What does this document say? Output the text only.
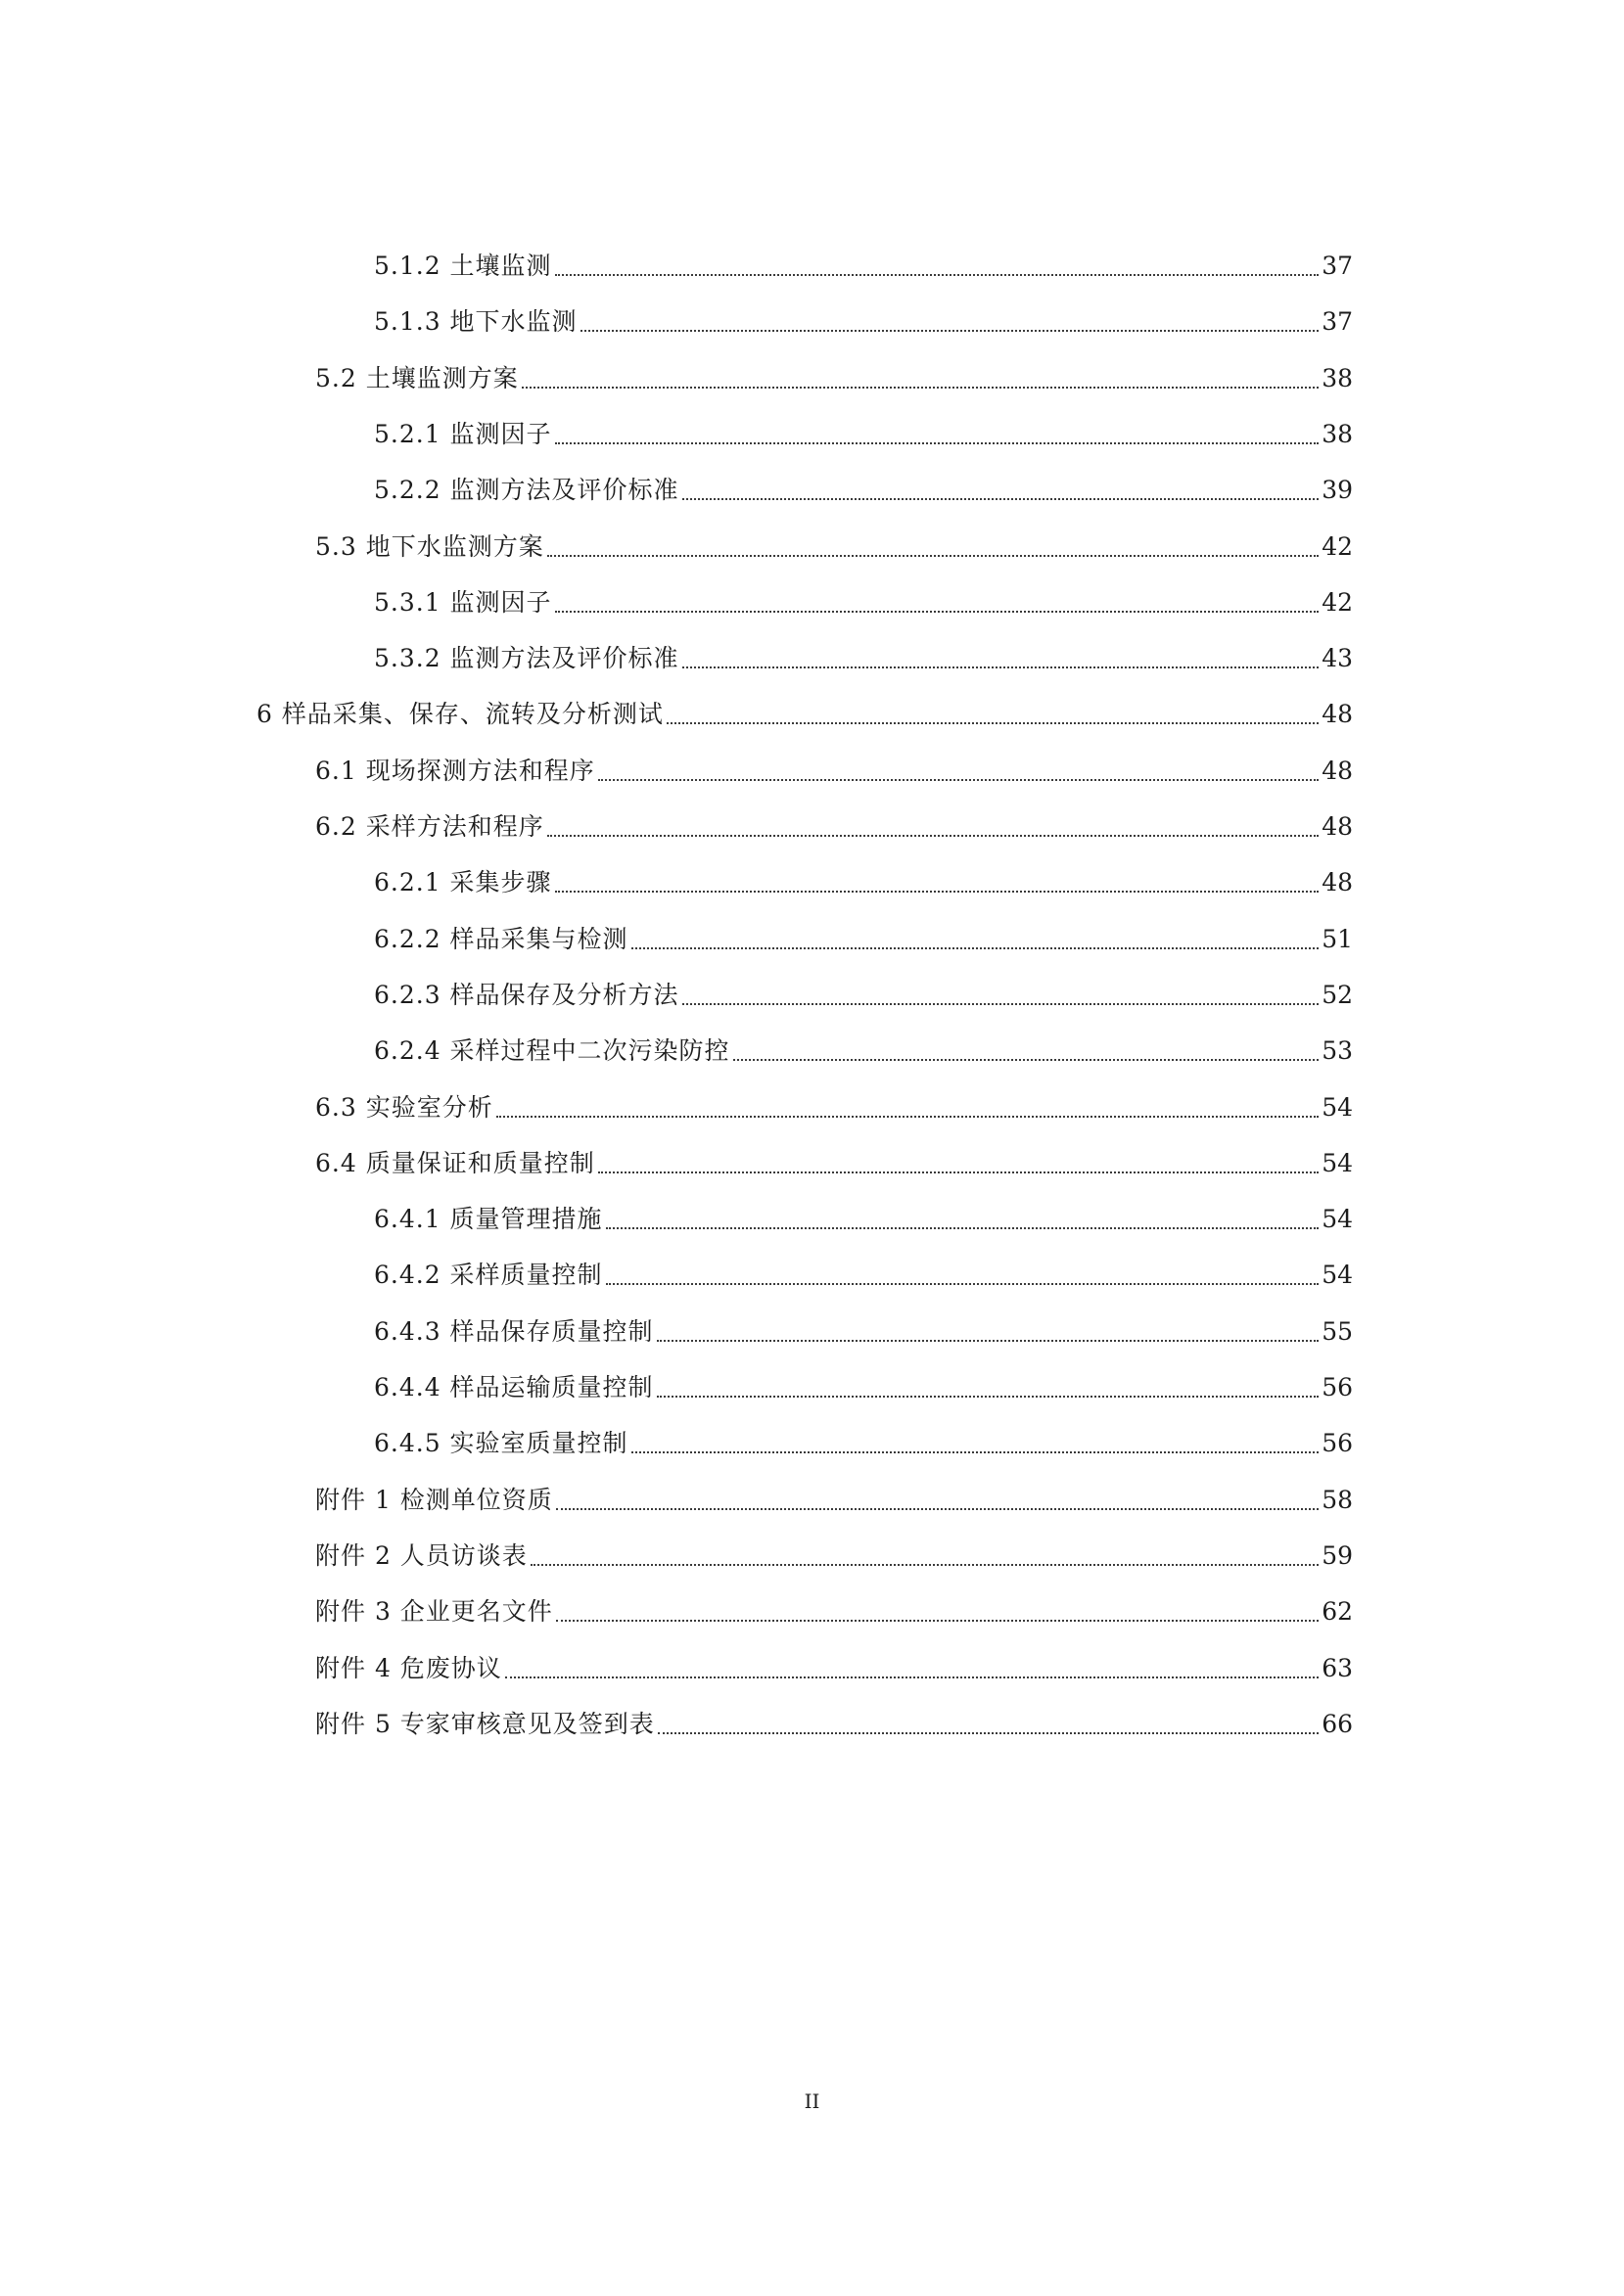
5.1.2 土壤监测	37
5.1.3 地下水监测	37
5.2 土壤监测方案	38
5.2.1 监测因子	38
5.2.2 监测方法及评价标准	39
5.3 地下水监测方案	42
5.3.1 监测因子	42
5.3.2 监测方法及评价标准	43
6 样品采集、保存、流转及分析测试	48
6.1 现场探测方法和程序	48
6.2 采样方法和程序	48
6.2.1 采集步骤	48
6.2.2 样品采集与检测	51
6.2.3 样品保存及分析方法	52
6.2.4 采样过程中二次污染防控	53
6.3 实验室分析	54
6.4 质量保证和质量控制	54
6.4.1 质量管理措施	54
6.4.2 采样质量控制	54
6.4.3 样品保存质量控制	55
6.4.4 样品运输质量控制	56
6.4.5 实验室质量控制	56
附件 1 检测单位资质	58
附件 2 人员访谈表	59
附件 3 企业更名文件	62
附件 4 危废协议	63
附件 5 专家审核意见及签到表	66
II
